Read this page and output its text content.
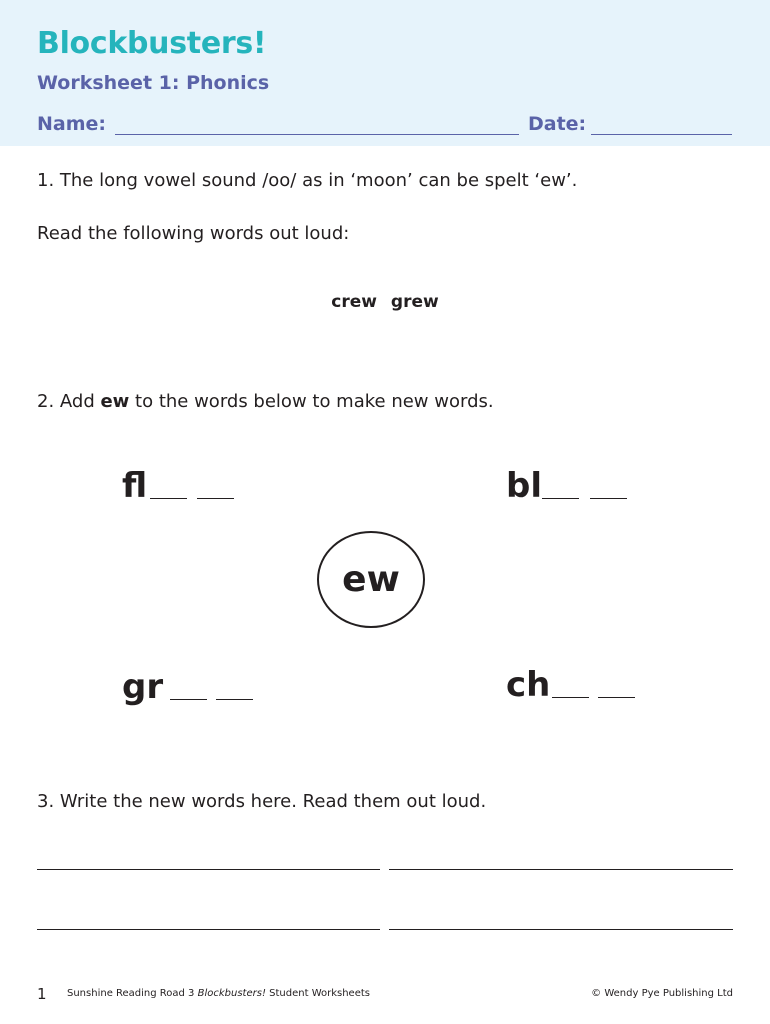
Blockbusters!
Worksheet 1: Phonics
Name:	Date:
1. The long vowel sound /oo/ as in ‘moon’ can be spelt ‘ew’.
Read the following words out loud:
crew grew
2. Add ew to the words below to make new words.
fl	bl
ew
gr	ch
3. Write the new words here. Read them out loud.
1 Sunshine Reading Road 3 Blockbusters! Student Worksheets	© Wendy Pye Publishing Ltd
